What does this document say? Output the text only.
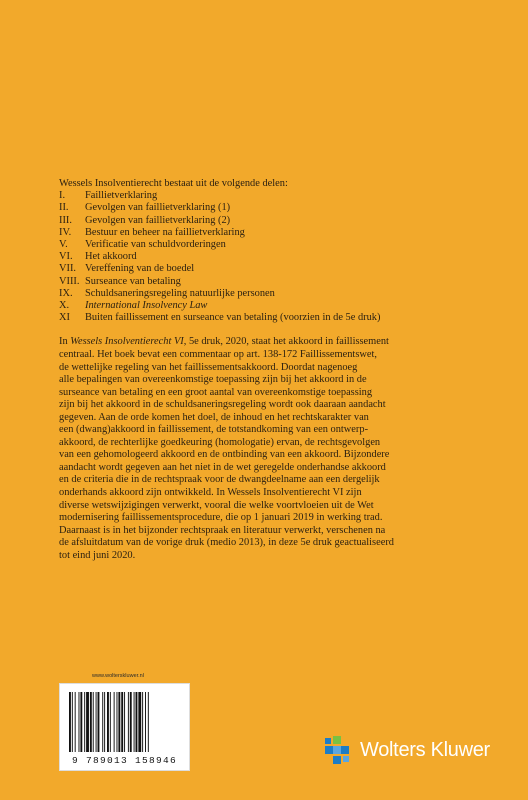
Wessels Insolventierecht bestaat uit de volgende delen:

I.	Faillietverklaring
II.	Gevolgen van faillietverklaring (1)
III.	Gevolgen van faillietverklaring (2)
IV.	Bestuur en beheer na faillietverklaring
V.	Verificatie van schuldvorderingen
VI.	Het akkoord
VII. Vereffening van de boedel
VIII. Surseance van betaling
IX.	Schuldsaneringsregeling natuurlijke personen
X.	International Insolvency Law
XI	Buiten faillissement en surseance van betaling (voorzien in de 5e druk)

In Wessels Insolventierecht VI, 5e druk, 2020, staat het akkoord in faillissement
centraal. Het boek bevat een commentaar op art. 138-172 Faillissementswet,
de wettelijke regeling van het faillissementsakkoord. Doordat nagenoeg
alle bepalingen van overeenkomstige toepassing zijn bij het akkoord in de
surseance van betaling en een groot aantal van overeenkomstige toepassing
zijn bij het akkoord in de schuldsaneringsregeling wordt ook daaraan aandacht
gegeven. Aan de orde komen het doel, de inhoud en het rechtskarakter van
een (dwang)akkoord in faillissement, de totstandkoming van een ontwerp-
akkoord, de rechterlijke goedkeuring (homologatie) ervan, de rechtsgevolgen
van een gehomologeerd akkoord en de ontbinding van een akkoord. Bijzondere
aandacht wordt gegeven aan het niet in de wet geregelde onderhandse akkoord
en de criteria die in de rechtspraak voor de dwangdeelname aan een dergelijk
onderhands akkoord zijn ontwikkeld. In Wessels Insolventierecht VI zijn
diverse wetswijzigingen verwerkt, vooral die welke voortvloeien uit de Wet
modernisering faillissementsprocedure, die op 1 januari 2019 in werking trad.
Daarnaast is in het bijzonder rechtspraak en literatuur verwerkt, verschenen na
de afsluitdatum van de vorige druk (medio 2013), in deze 5e druk geactualiseerd
tot eind juni 2020.

www.wolterskluwer.nl
9 789013 158946	Wolters Kluwer
